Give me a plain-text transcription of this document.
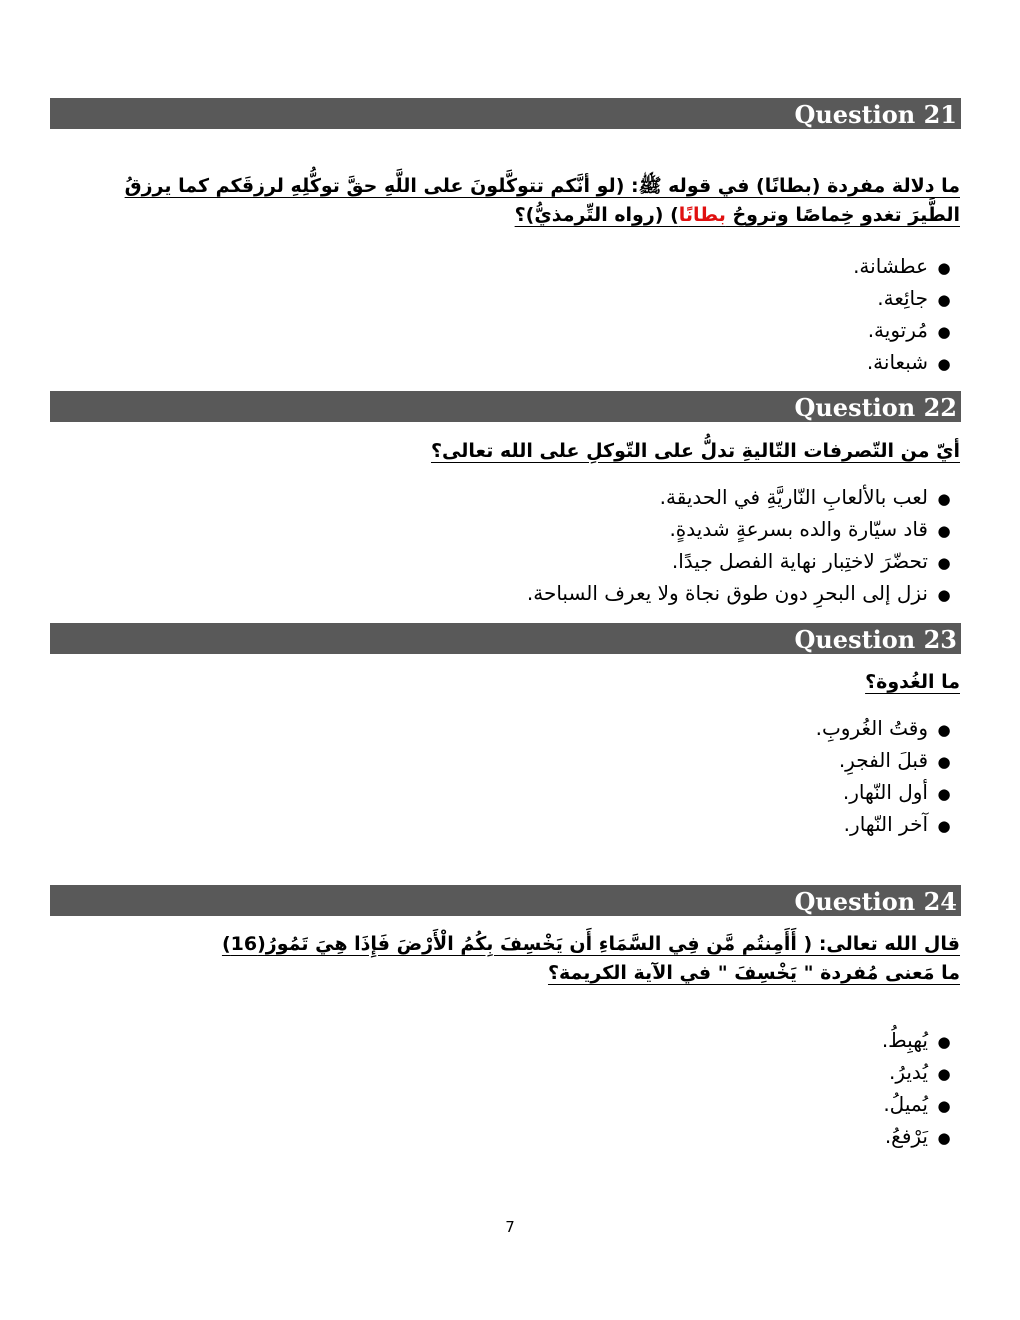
Question 21
ما دلالة مفردة (بطانًا) في قوله ﷺ: (لو أنَّكم تتوكَّلونَ على اللَّهِ حقَّ توكُّلِهِ لرزقَكم كما يرزقُ
الطَّيرَ تغدو خِماصًا وتروحُ بطانًا) (رواه التِّرمذيُّ)؟
● عطشانة.
● جائِعة.
● مُرتوية.
● شبعانة.
Question 22
أيّ من التّصرفات التّاليةِ تدلُّ على التّوكلِ على الله تعالى؟
● لعب بالألعابِ النّاريَّةِ في الحديقة.
● قاد سيّارة والده بسرعةٍ شديدةٍ.
● تحضّرَ لاختِبار نهاية الفصل جيدًا.
● نزل إلى البحرِ دون طوق نجاة ولا يعرف السباحة.
Question 23
ما الغُدوة؟
● وقتُ الغُروبِ.
● قبلَ الفجرِ.
● أول النّهار.
● آخر النّهار.
Question 24
قال الله تعالى: ( أَأَمِنتُم مَّن فِي السَّمَاءِ أَن يَخْسِفَ بِكُمُ الْأَرْضَ فَإِذَا هِيَ تَمُورُ(16)
ما مَعنى مُفردة " يَخْسِفَ " في الآية الكريمة؟
● يُهبِطُ.
● يُديرُ.
● يُميلُ.
● يَرْفعُ.
7
